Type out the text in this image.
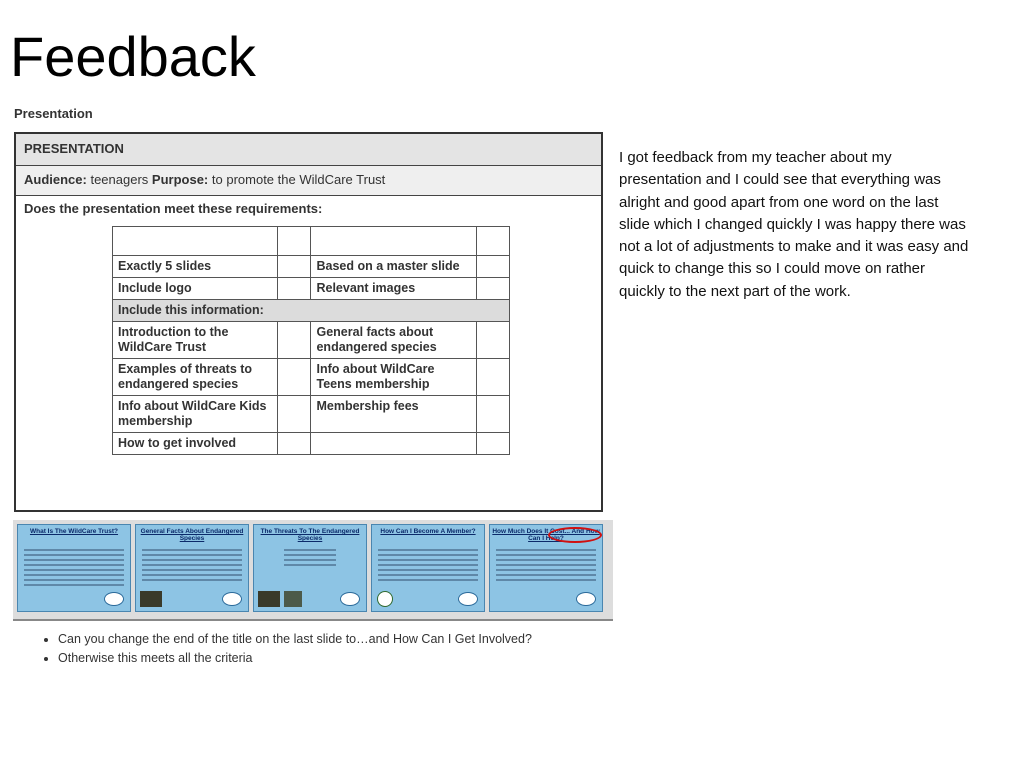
Feedback
Presentation
PRESENTATION
Audience: teenagers Purpose: to promote the WildCare Trust
Does the presentation meet these requirements:

Exactly 5 slides		Based on a master slide	
Include logo		Relevant images	
Include this information:			
Introduction to the WildCare Trust		General facts about endangered species	
Examples of threats to endangered species		Info about WildCare Teens membership	
Info about WildCare Kids membership		Membership fees	
How to get involved			
What Is The WildCare Trust?	General Facts About Endangered Species
The Threats To The Endangered Species
How Can I Become A Member?	How Much Does It Cost... And How Can I Help?
• Can you change the end of the title on the last slide to…and How Can I Get Involved?
• Otherwise this meets all the criteria

I got feedback from my teacher about my presentation and I could see that everything was alright and good apart from one word on the last slide which I changed quickly I was happy there was not a lot of adjustments to make and it was easy and quick to change this so I could move on rather quickly to the next part of the work.
